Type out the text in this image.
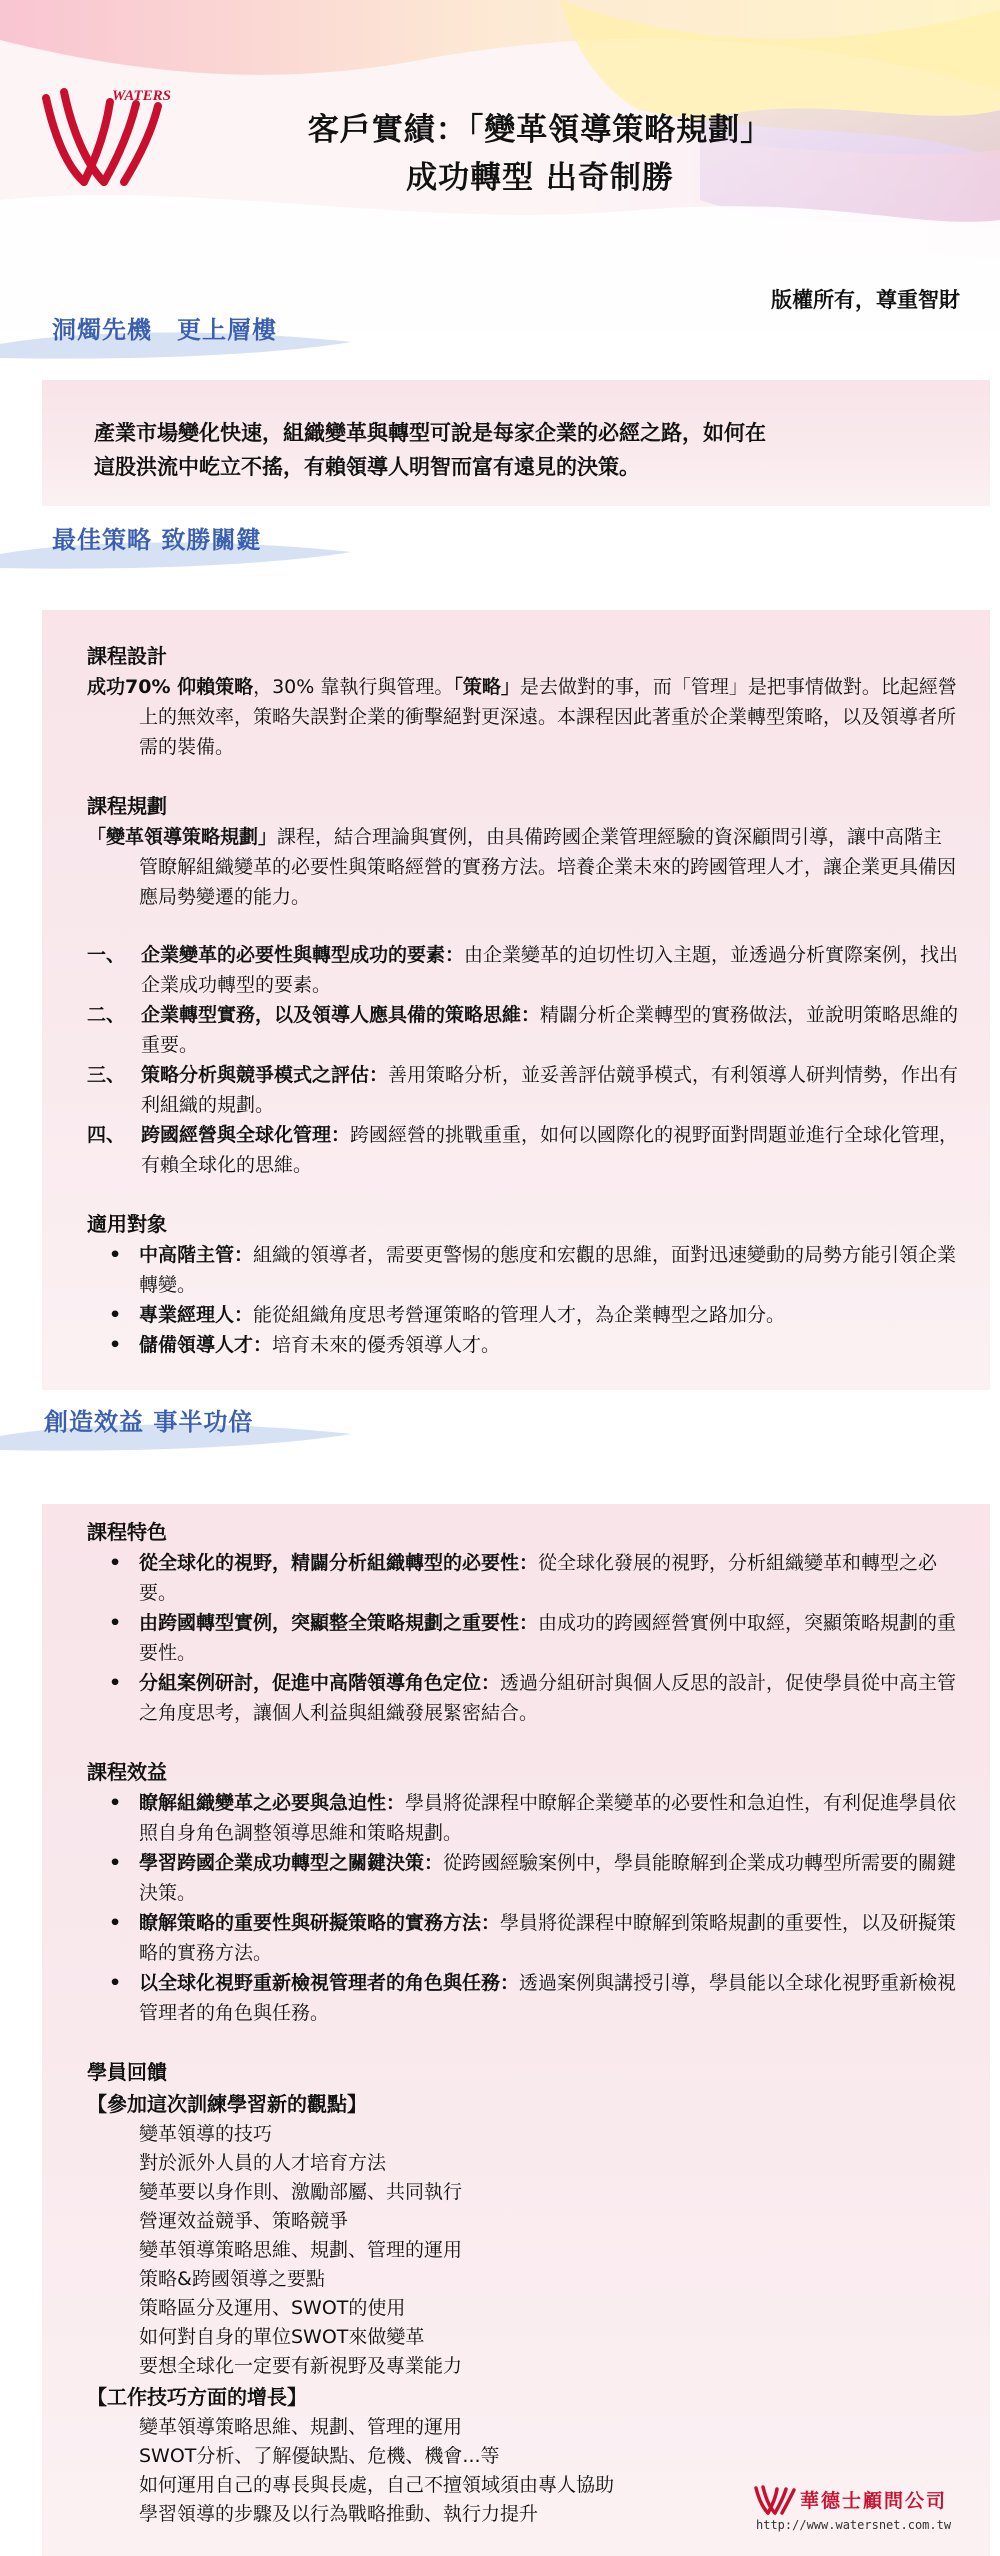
WATERS
客戶實績：「變革領導策略規劃」
成功轉型 出奇制勝
版權所有，尊重智財
洞燭先機　更上層樓
產業市場變化快速，組織變革與轉型可說是每家企業的必經之路，如何在
這股洪流中屹立不搖，有賴領導人明智而富有遠見的決策。
最佳策略 致勝關鍵
課程設計
成功70% 仰賴策略，30% 靠執行與管理。「策略」是去做對的事，而「管理」是把事情做對。比起經營上的無效率，策略失誤對企業的衝擊絕對更深遠。本課程因此著重於企業轉型策略，以及領導者所需的裝備。
課程規劃
「變革領導策略規劃」課程，結合理論與實例，由具備跨國企業管理經驗的資深顧問引導，讓中高階主管瞭解組織變革的必要性與策略經營的實務方法。培養企業未來的跨國管理人才，讓企業更具備因應局勢變遷的能力。
一、 企業變革的必要性與轉型成功的要素：由企業變革的迫切性切入主題，並透過分析實際案例，找出企業成功轉型的要素。
二、 企業轉型實務，以及領導人應具備的策略思維：精闢分析企業轉型的實務做法，並說明策略思維的重要。
三、 策略分析與競爭模式之評估：善用策略分析，並妥善評估競爭模式，有利領導人研判情勢，作出有利組織的規劃。
四、 跨國經營與全球化管理：跨國經營的挑戰重重，如何以國際化的視野面對問題並進行全球化管理，有賴全球化的思維。
適用對象
• 中高階主管：組織的領導者，需要更警惕的態度和宏觀的思維，面對迅速變動的局勢方能引領企業轉變。
• 專業經理人：能從組織角度思考營運策略的管理人才，為企業轉型之路加分。
• 儲備領導人才：培育未來的優秀領導人才。
創造效益 事半功倍
課程特色
• 從全球化的視野，精闢分析組織轉型的必要性：從全球化發展的視野，分析組織變革和轉型之必要。
• 由跨國轉型實例，突顯整全策略規劃之重要性：由成功的跨國經營實例中取經，突顯策略規劃的重要性。
• 分組案例研討，促進中高階領導角色定位：透過分組研討與個人反思的設計，促使學員從中高主管之角度思考，讓個人利益與組織發展緊密結合。
課程效益
• 瞭解組織變革之必要與急迫性：學員將從課程中瞭解企業變革的必要性和急迫性，有利促進學員依照自身角色調整領導思維和策略規劃。
• 學習跨國企業成功轉型之關鍵決策：從跨國經驗案例中，學員能瞭解到企業成功轉型所需要的關鍵決策。
• 瞭解策略的重要性與研擬策略的實務方法：學員將從課程中瞭解到策略規劃的重要性，以及研擬策略的實務方法。
• 以全球化視野重新檢視管理者的角色與任務：透過案例與講授引導，學員能以全球化視野重新檢視管理者的角色與任務。
學員回饋
【參加這次訓練學習新的觀點】
變革領導的技巧
對於派外人員的人才培育方法
變革要以身作則、激勵部屬、共同執行
營運效益競爭、策略競爭
變革領導策略思維、規劃、管理的運用
策略&跨國領導之要點
策略區分及運用、SWOT的使用
如何對自身的單位SWOT來做變革
要想全球化一定要有新視野及專業能力
【工作技巧方面的增長】
變革領導策略思維、規劃、管理的運用
SWOT分析、了解優缺點、危機、機會...等
如何運用自己的專長與長處，自己不擅領域須由專人協助
學習領導的步驟及以行為戰略推動、執行力提升
華德士顧問公司
http://www.watersnet.com.tw
